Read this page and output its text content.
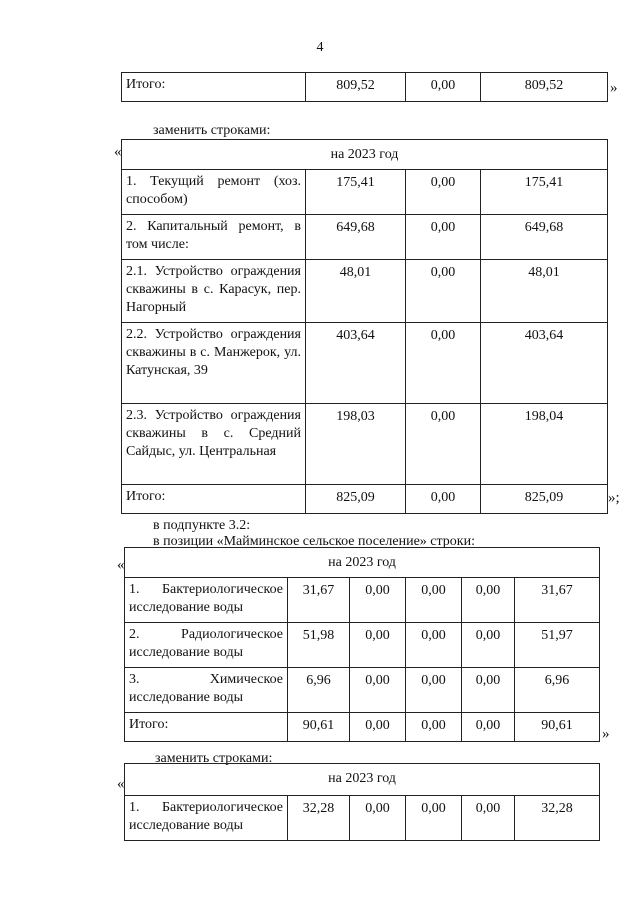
4
Итого:	809,52	0,00	809,52	»
заменить строками:
«	на 2023 год			
1. Текущий ремонт (хоз. способом)	175,41	0,00	175,41
2. Капитальный ремонт, в том числе:	649,68	0,00	649,68
2.1. Устройство ограждения скважины в с. Карасук, пер. Нагорный	48,01	0,00	48,01
2.2. Устройство ограждения скважины в с. Манжерок, ул. Катунская, 39	403,64	0,00	403,64
2.3. Устройство ограждения скважины в с. Средний Сайдыс, ул. Центральная	198,03	0,00	198,04
Итого:	825,09	0,00	825,09	»;
в подпункте 3.2:
в позиции «Майминское сельское поселение» строки:
«	на 2023 год					
1. Бактериологическое исследование воды	31,67	0,00	0,00	0,00	31,67
2. Радиологическое исследование воды	51,98	0,00	0,00	0,00	51,97
3. Химическое исследование воды	6,96	0,00	0,00	0,00	6,96
Итого:	90,61	0,00	0,00	0,00	90,61
»
заменить строками:
«	на 2023 год
1. Бактериологическое исследование воды	32,28	0,00	0,00	0,00	32,28
